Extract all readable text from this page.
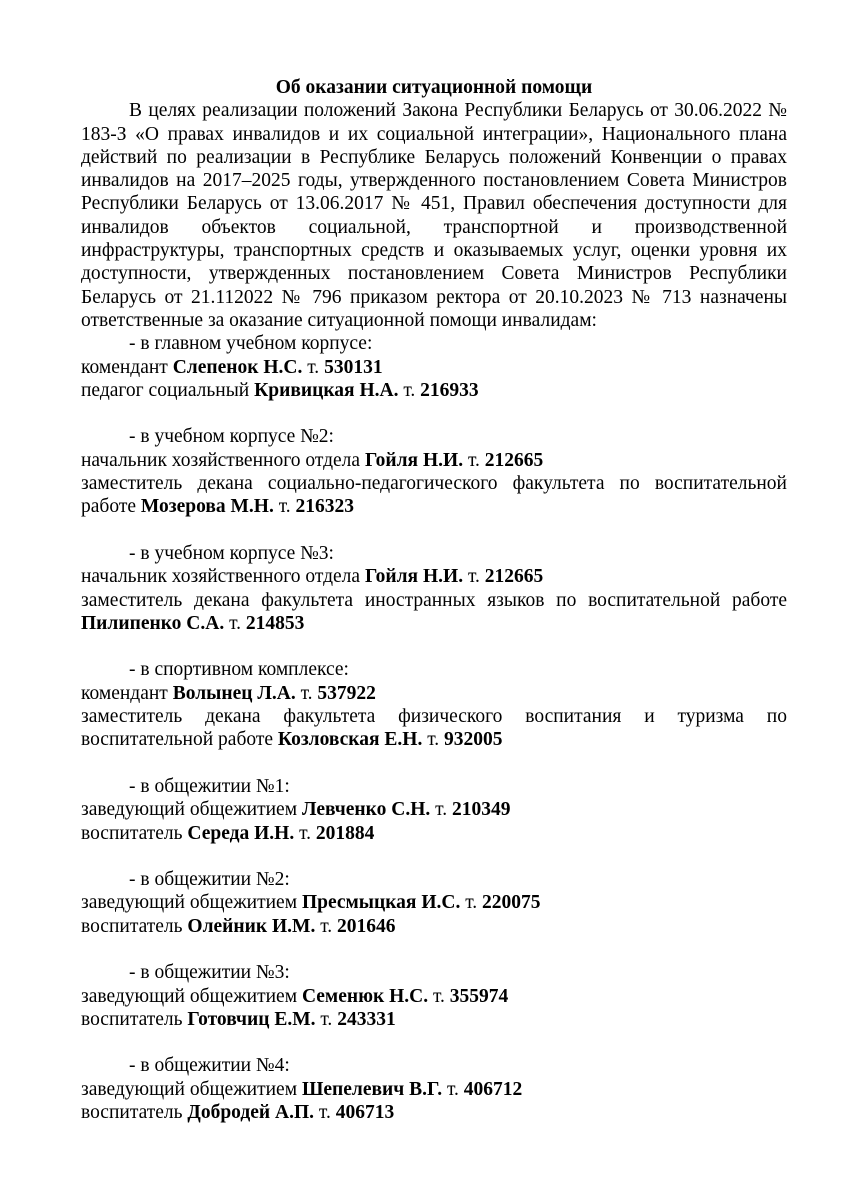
Об оказании ситуационной помощи

В целях реализации положений Закона Республики Беларусь от 30.06.2022 № 183-З «О правах инвалидов и их социальной интеграции», Национального плана действий по реализации в Республике Беларусь положений Конвенции о правах инвалидов на 2017–2025 годы, утвержденного постановлением Совета Министров Республики Беларусь от 13.06.2017 № 451, Правил обеспечения доступности для инвалидов объектов социальной, транспортной и производственной инфраструктуры, транспортных средств и оказываемых услуг, оценки уровня их доступности, утвержденных постановлением Совета Министров Республики Беларусь от 21.112022 № 796 приказом ректора от 20.10.2023 № 713 назначены ответственные за оказание ситуационной помощи инвалидам:

- в главном учебном корпусе:

комендант Слепенок Н.С. т. 530131

педагог социальный Кривицкая Н.А. т. 216933

- в учебном корпусе №2:

начальник хозяйственного отдела Гойля Н.И. т. 212665

заместитель декана социально-педагогического факультета по воспитательной работе Мозерова М.Н. т. 216323

- в учебном корпусе №3:

начальник хозяйственного отдела Гойля Н.И. т. 212665

заместитель декана факультета иностранных языков по воспитательной работе Пилипенко С.А. т. 214853

- в спортивном комплексе:

комендант Волынец Л.А. т. 537922

заместитель декана факультета физического воспитания и туризма по воспитательной работе Козловская Е.Н. т. 932005

- в общежитии №1:

заведующий общежитием Левченко С.Н. т. 210349

воспитатель Середа И.Н. т. 201884

- в общежитии №2:

заведующий общежитием Пресмыцкая И.С. т. 220075

воспитатель Олейник И.М. т. 201646

- в общежитии №3:

заведующий общежитием Семенюк Н.С. т. 355974

воспитатель Готовчиц Е.М. т. 243331

- в общежитии №4:

заведующий общежитием Шепелевич В.Г. т. 406712

воспитатель Добродей А.П. т. 406713
